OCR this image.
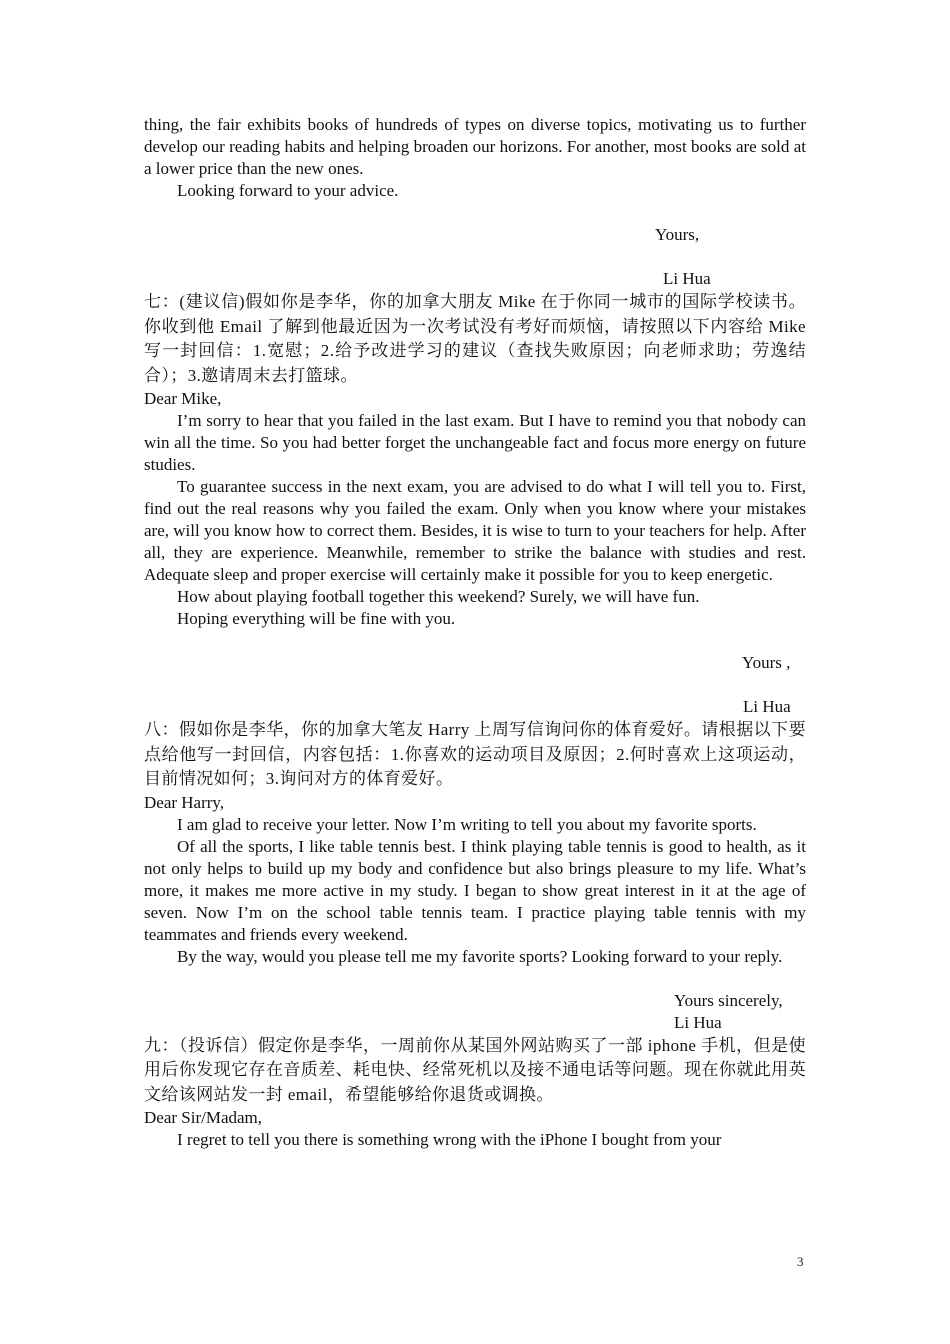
thing, the fair exhibits books of hundreds of types on diverse topics, motivating us to further develop our reading habits and helping broaden our horizons. For another, most books are sold at a lower price than the new ones.

Looking forward to your advice.

Yours,

Li Hua

七：(建议信)假如你是李华，你的加拿大朋友 Mike 在于你同一城市的国际学校读书。你收到他 Email 了解到他最近因为一次考试没有考好而烦恼，请按照以下内容给 Mike 写一封回信：1.宽慰；2.给予改进学习的建议（查找失败原因；向老师求助；劳逸结合）；3.邀请周末去打篮球。

Dear Mike,

I’m sorry to hear that you failed in the last exam. But I have to remind you that nobody can win all the time. So you had better forget the unchangeable fact and focus more energy on future studies.

To guarantee success in the next exam, you are advised to do what I will tell you to. First, find out the real reasons why you failed the exam. Only when you know where your mistakes are, will you know how to correct them. Besides, it is wise to turn to your teachers for help. After all, they are experience. Meanwhile, remember to strike the balance with studies and rest. Adequate sleep and proper exercise will certainly make it possible for you to keep energetic.

How about playing football together this weekend? Surely, we will have fun.

Hoping everything will be fine with you.

Yours ,

Li Hua

八：假如你是李华，你的加拿大笔友 Harry 上周写信询问你的体育爱好。请根据以下要点给他写一封回信，内容包括：1.你喜欢的运动项目及原因；2.何时喜欢上这项运动，目前情况如何；3.询问对方的体育爱好。

Dear Harry,

I am glad to receive your letter. Now I’m writing to tell you about my favorite sports.

Of all the sports, I like table tennis best. I think playing table tennis is good to health, as it not only helps to build up my body and confidence but also brings pleasure to my life. What’s more, it makes me more active in my study. I began to show great interest in it at the age of seven. Now I’m on the school table tennis team. I practice playing table tennis with my teammates and friends every weekend.

By the way, would you please tell me my favorite sports? Looking forward to your reply.

Yours sincerely,

Li Hua

九：（投诉信）假定你是李华，一周前你从某国外网站购买了一部 iphone 手机，但是使用后你发现它存在音质差、耗电快、经常死机以及接不通电话等问题。现在你就此用英文给该网站发一封 email，希望能够给你退货或调换。

Dear Sir/Madam,

I regret to tell you there is something wrong with the iPhone I bought from your

3
